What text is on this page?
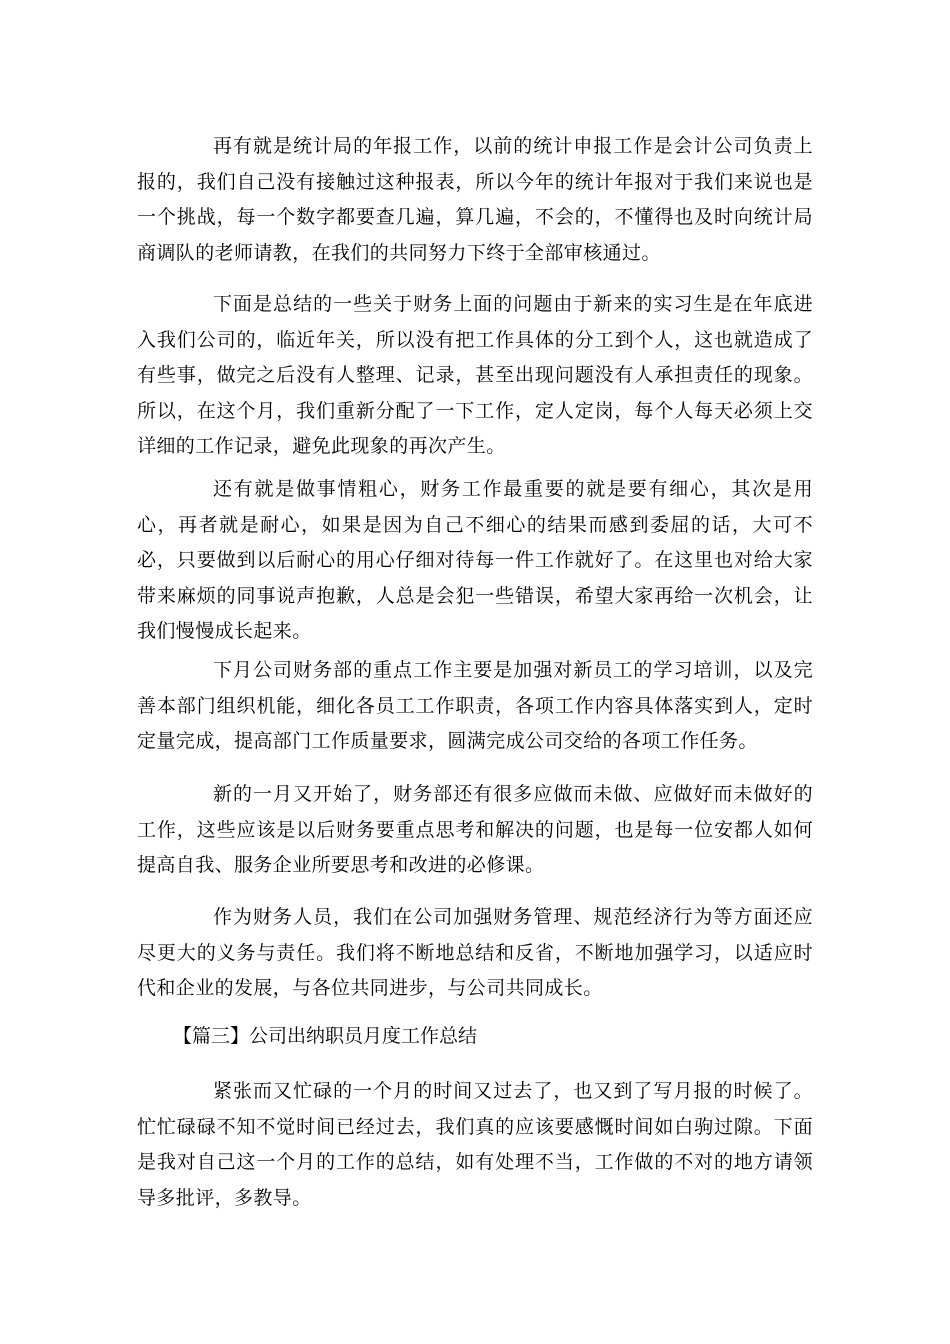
再有就是统计局的年报工作，以前的统计申报工作是会计公司负责上报的，我们自己没有接触过这种报表，所以今年的统计年报对于我们来说也是一个挑战，每一个数字都要查几遍，算几遍，不会的，不懂得也及时向统计局商调队的老师请教，在我们的共同努力下终于全部审核通过。

下面是总结的一些关于财务上面的问题由于新来的实习生是在年底进入我们公司的，临近年关，所以没有把工作具体的分工到个人，这也就造成了有些事，做完之后没有人整理、记录，甚至出现问题没有人承担责任的现象。所以，在这个月，我们重新分配了一下工作，定人定岗，每个人每天必须上交详细的工作记录，避免此现象的再次产生。

还有就是做事情粗心，财务工作最重要的就是要有细心，其次是用心，再者就是耐心，如果是因为自己不细心的结果而感到委屈的话，大可不必，只要做到以后耐心的用心仔细对待每一件工作就好了。在这里也对给大家带来麻烦的同事说声抱歉，人总是会犯一些错误，希望大家再给一次机会，让我们慢慢成长起来。

下月公司财务部的重点工作主要是加强对新员工的学习培训，以及完善本部门组织机能，细化各员工工作职责，各项工作内容具体落实到人，定时定量完成，提高部门工作质量要求，圆满完成公司交给的各项工作任务。

新的一月又开始了，财务部还有很多应做而未做、应做好而未做好的工作，这些应该是以后财务要重点思考和解决的问题，也是每一位安都人如何提高自我、服务企业所要思考和改进的必修课。

作为财务人员，我们在公司加强财务管理、规范经济行为等方面还应尽更大的义务与责任。我们将不断地总结和反省，不断地加强学习，以适应时代和企业的发展，与各位共同进步，与公司共同成长。

【篇三】公司出纳职员月度工作总结

紧张而又忙碌的一个月的时间又过去了，也又到了写月报的时候了。忙忙碌碌不知不觉时间已经过去，我们真的应该要感慨时间如白驹过隙。下面是我对自己这一个月的工作的总结，如有处理不当，工作做的不对的地方请领导多批评，多教导。
